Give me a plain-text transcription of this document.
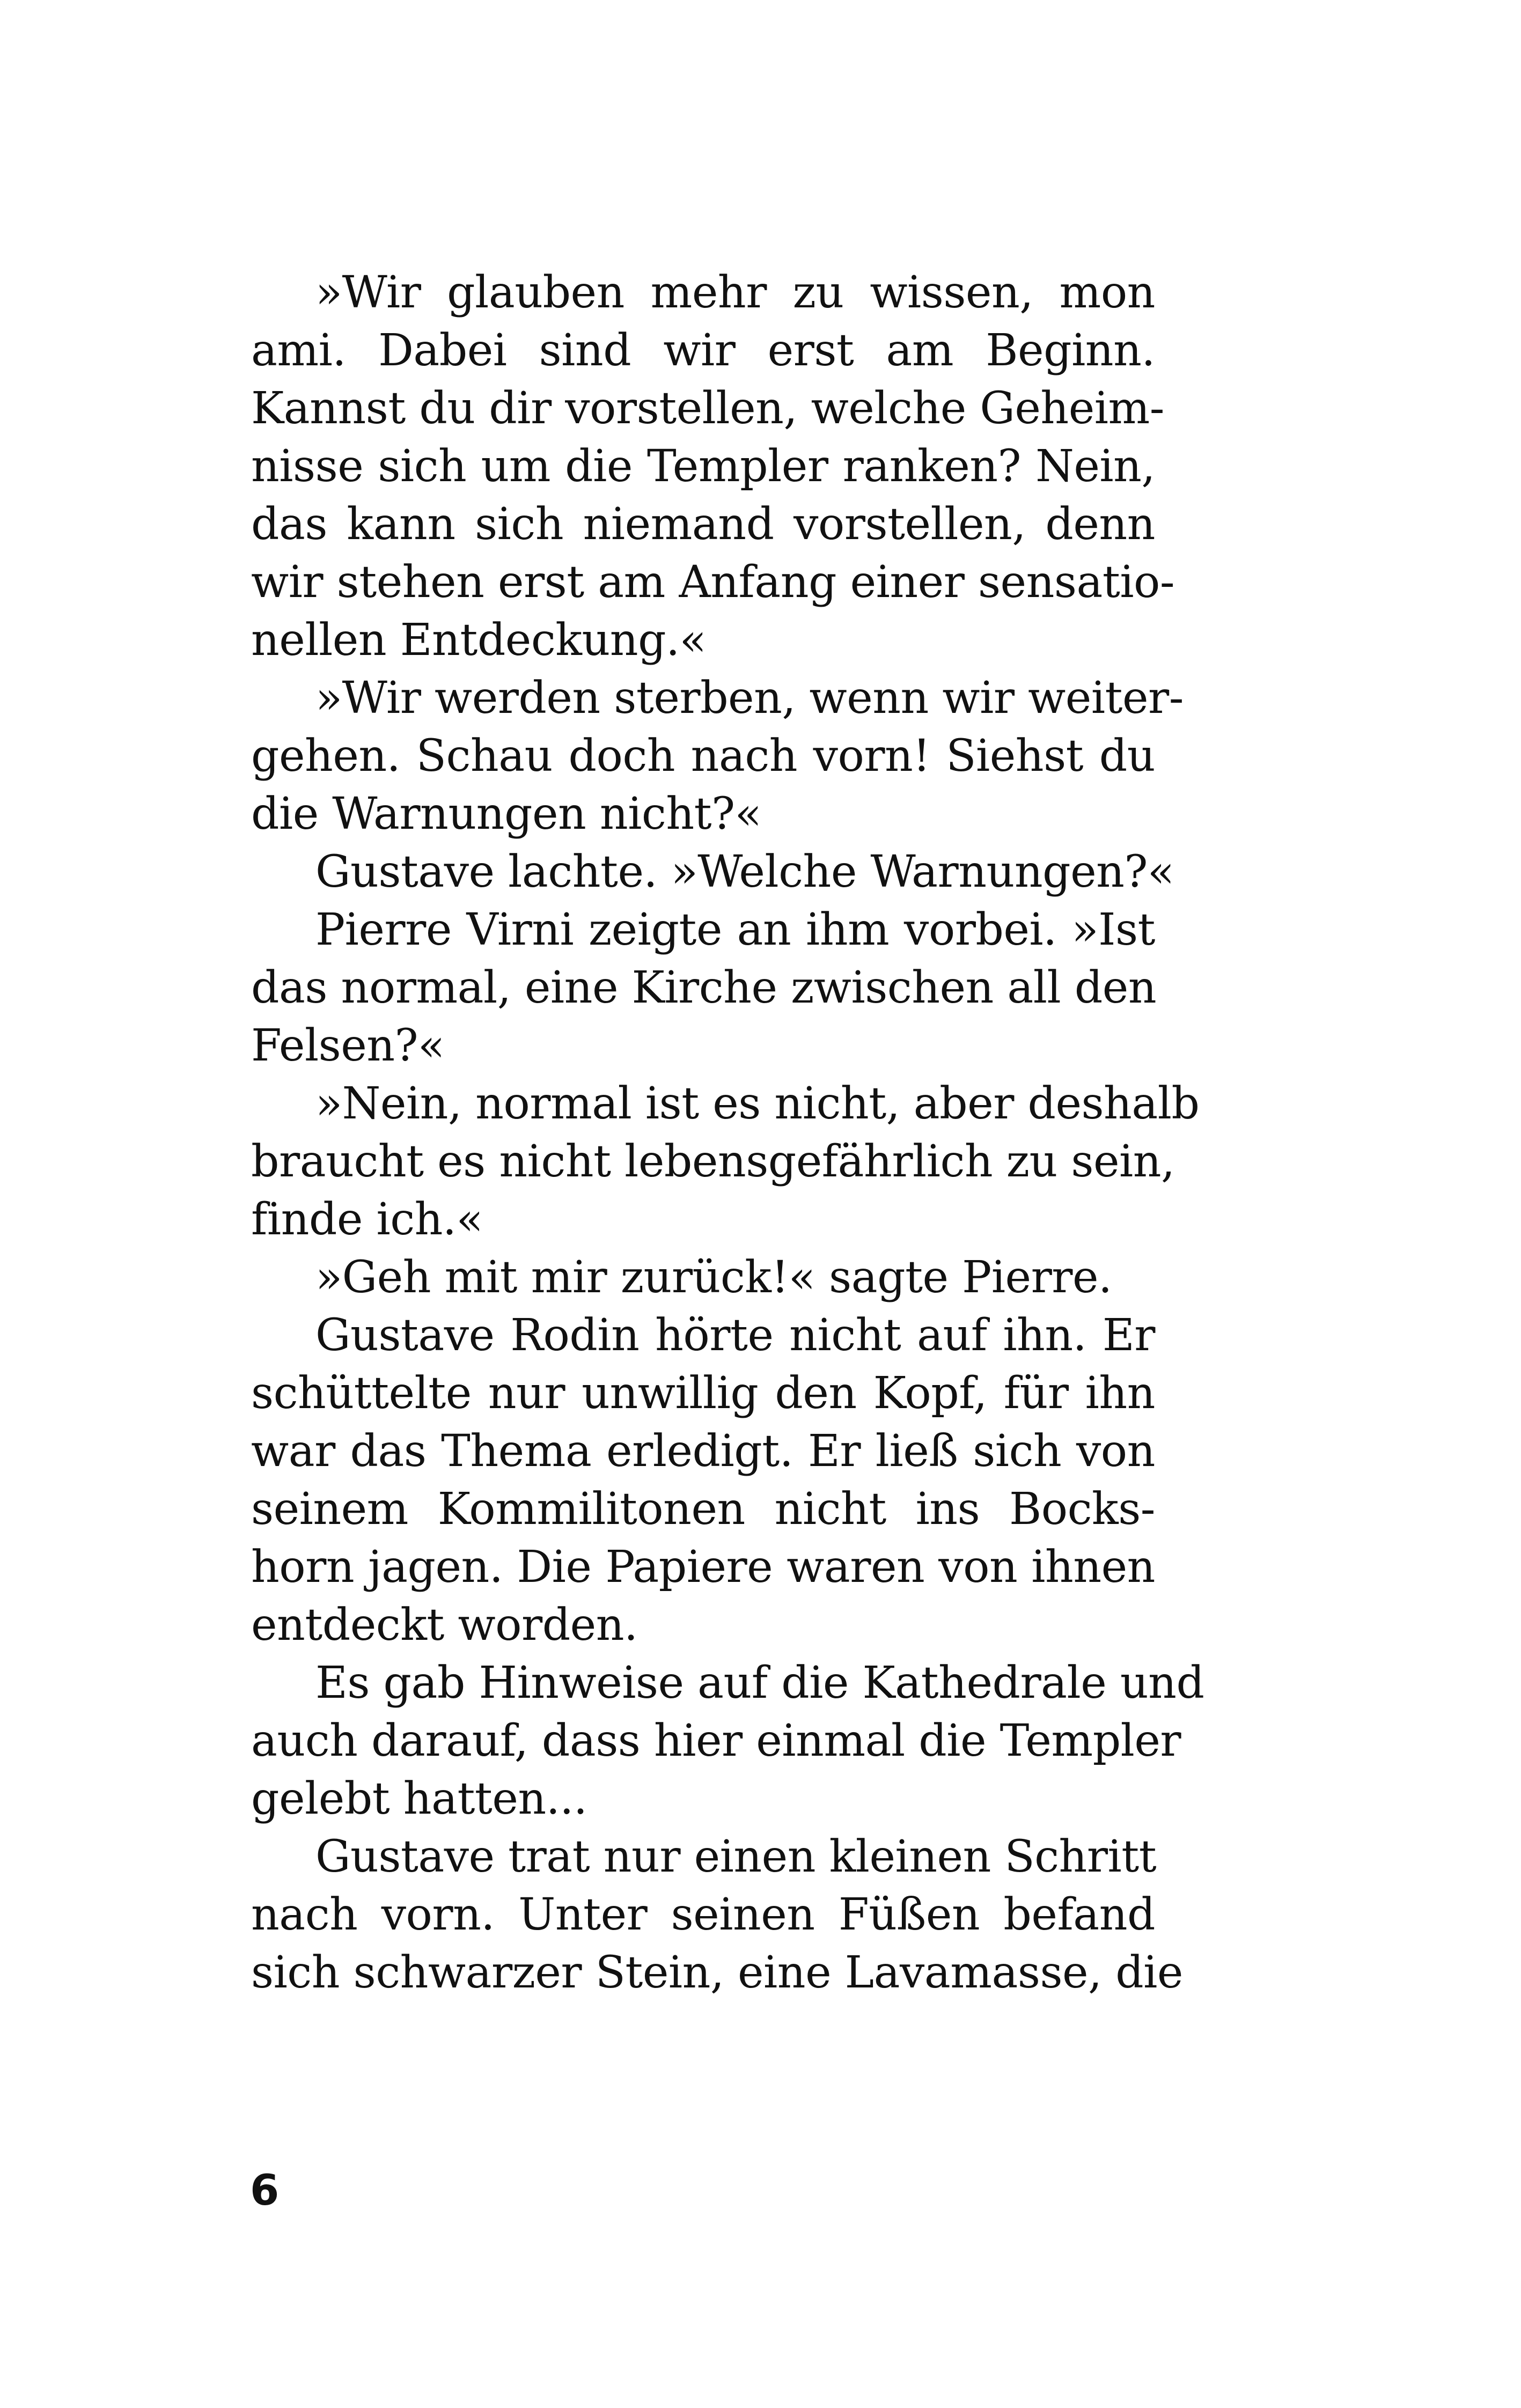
»Wir glauben mehr zu wissen, mon
ami. Dabei sind wir erst am Beginn.
Kannst du dir vorstellen, welche Geheim-
nisse sich um die Templer ranken? Nein,
das kann sich niemand vorstellen, denn
wir stehen erst am Anfang einer sensatio-
nellen Entdeckung.«
»Wir werden sterben, wenn wir weiter-
gehen. Schau doch nach vorn! Siehst du
die Warnungen nicht?«
Gustave lachte. »Welche Warnungen?«
Pierre Virni zeigte an ihm vorbei. »Ist
das normal, eine Kirche zwischen all den
Felsen?«
»Nein, normal ist es nicht, aber deshalb
braucht es nicht lebensgefährlich zu sein,
finde ich.«
»Geh mit mir zurück!« sagte Pierre.
Gustave Rodin hörte nicht auf ihn. Er
schüttelte nur unwillig den Kopf, für ihn
war das Thema erledigt. Er ließ sich von
seinem Kommilitonen nicht ins Bocks-
horn jagen. Die Papiere waren von ihnen
entdeckt worden.
Es gab Hinweise auf die Kathedrale und
auch darauf, dass hier einmal die Templer
gelebt hatten...
Gustave trat nur einen kleinen Schritt
nach vorn. Unter seinen Füßen befand
sich schwarzer Stein, eine Lavamasse, die
6
